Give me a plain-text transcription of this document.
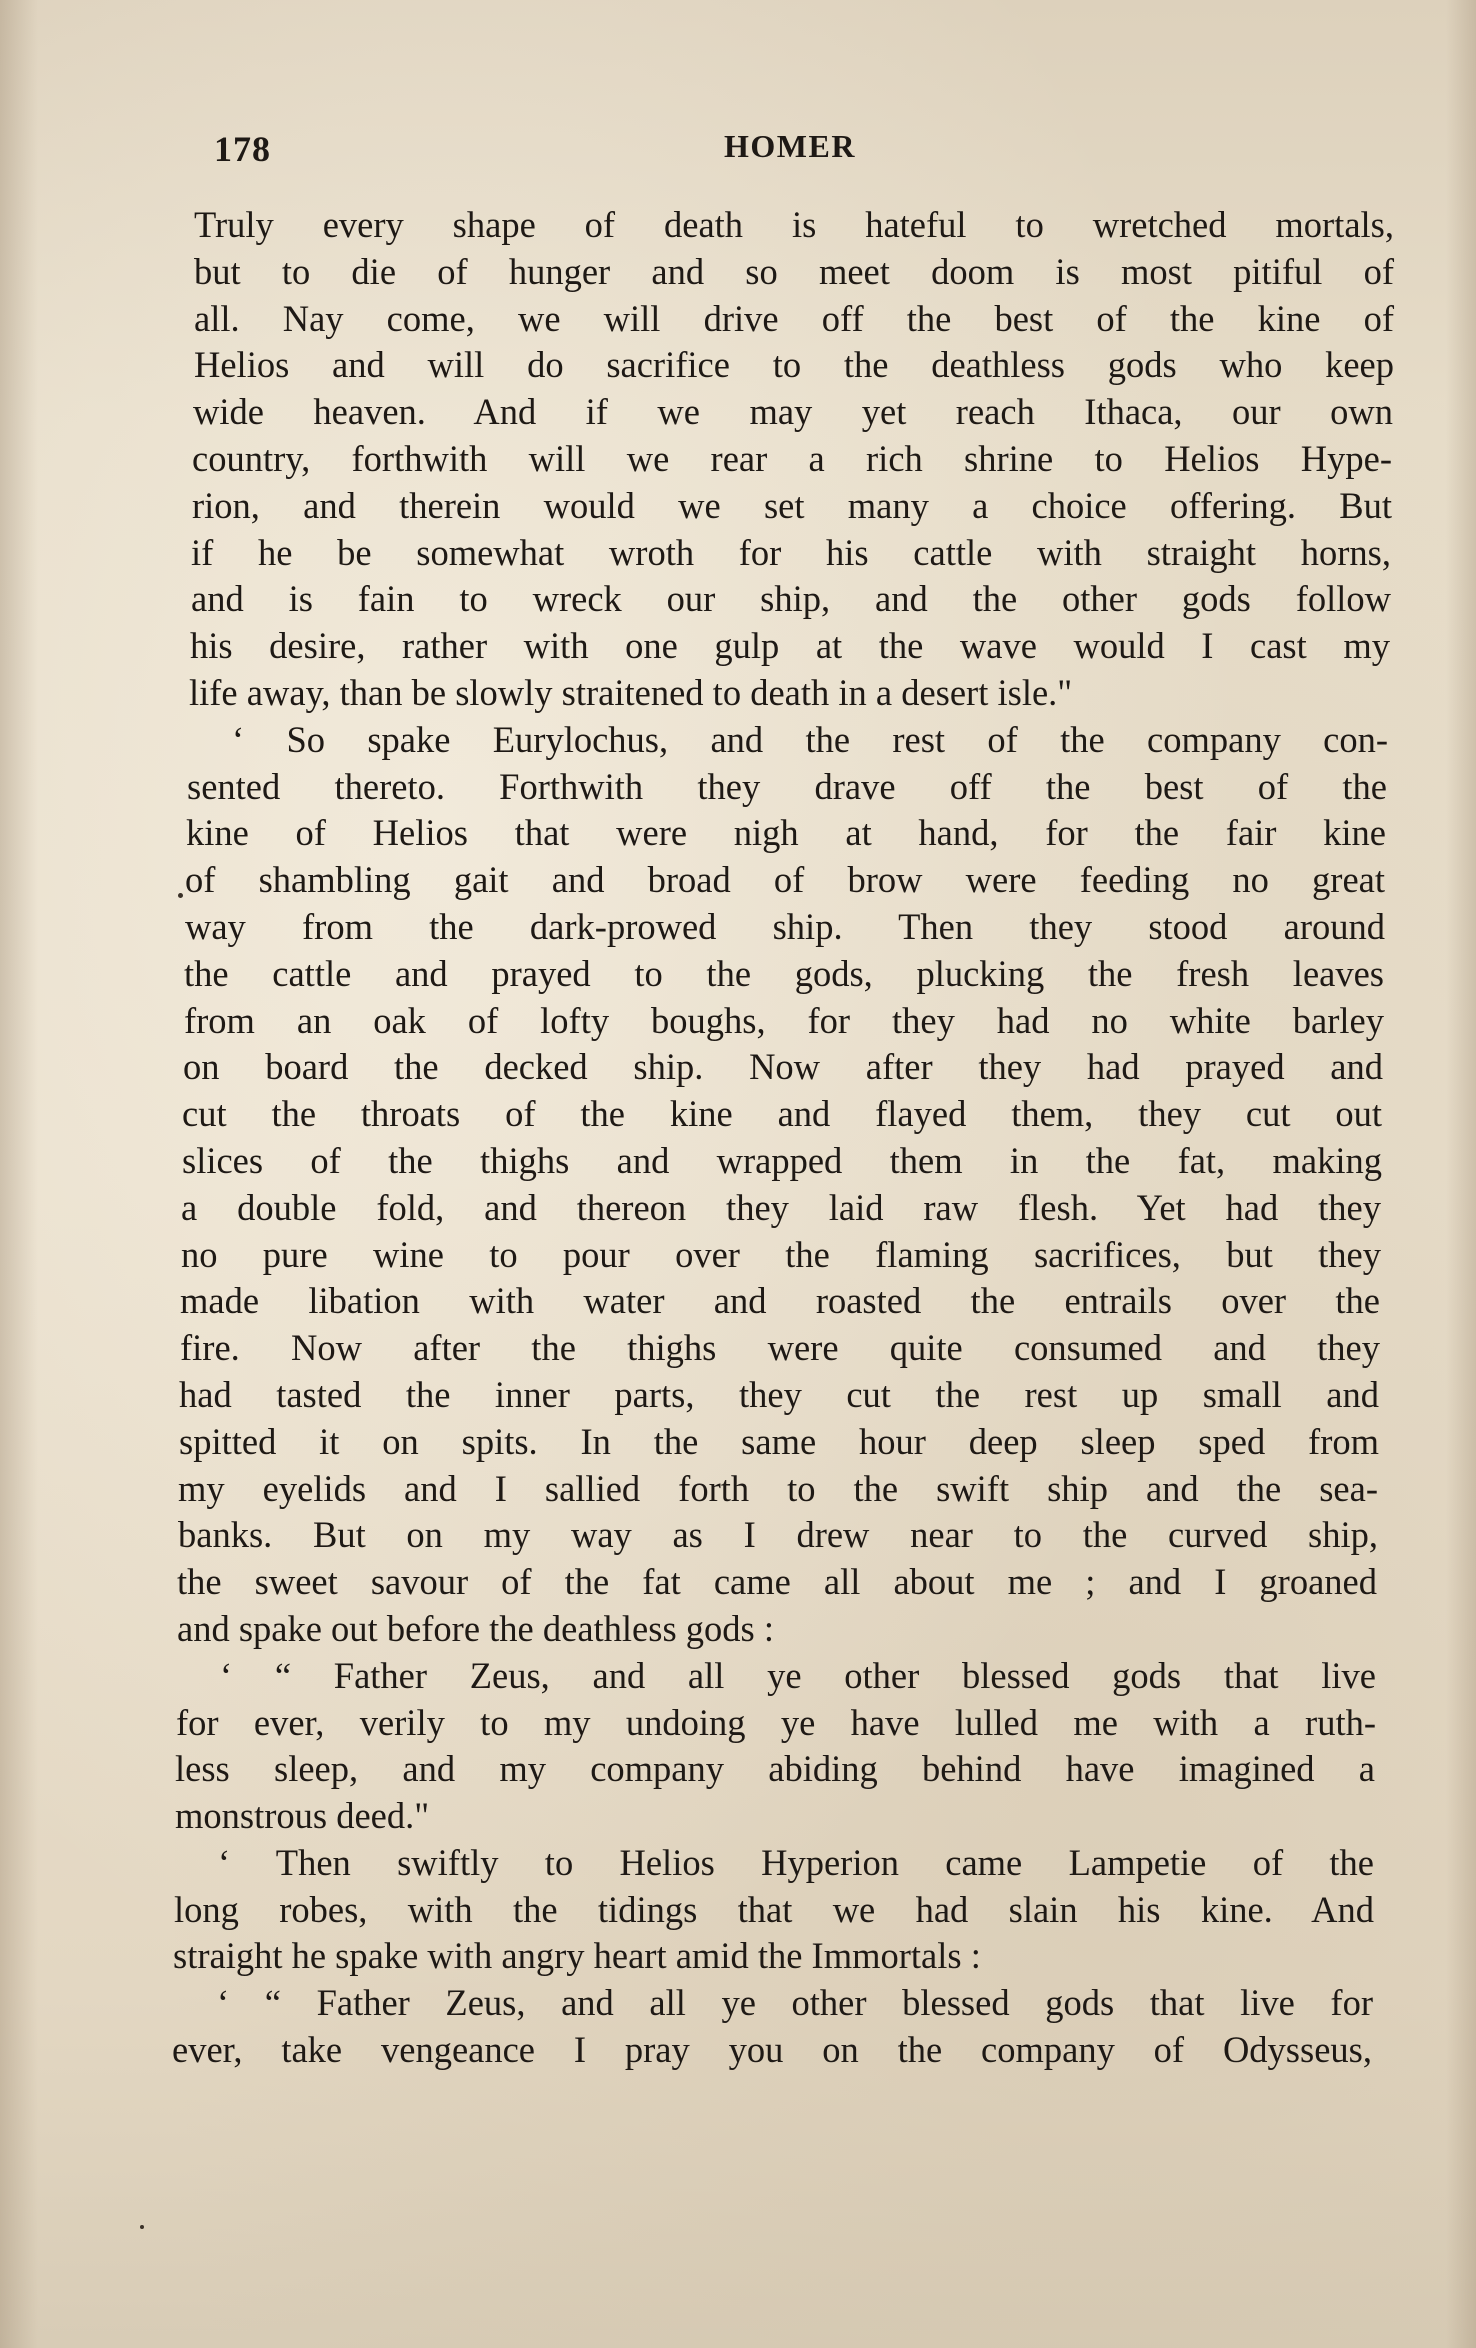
178	HOMER
Truly every shape of death is hateful to wretched mortals,
but to die of hunger and so meet doom is most pitiful of
all. Nay come, we will drive off the best of the kine of
Helios and will do sacrifice to the deathless gods who keep
wide heaven. And if we may yet reach Ithaca, our own
country, forthwith will we rear a rich shrine to Helios Hype-
rion, and therein would we set many a choice offering. But
if he be somewhat wroth for his cattle with straight horns,
and is fain to wreck our ship, and the other gods follow
his desire, rather with one gulp at the wave would I cast my
life away, than be slowly straitened to death in a desert isle."
‘ So spake Eurylochus, and the rest of the company con-
sented thereto. Forthwith they drave off the best of the
kine of Helios that were nigh at hand, for the fair kine
of shambling gait and broad of brow were feeding no great
way from the dark-prowed ship. Then they stood around
the cattle and prayed to the gods, plucking the fresh leaves
from an oak of lofty boughs, for they had no white barley
on board the decked ship. Now after they had prayed and
cut the throats of the kine and flayed them, they cut out
slices of the thighs and wrapped them in the fat, making
a double fold, and thereon they laid raw flesh. Yet had they
no pure wine to pour over the flaming sacrifices, but they
made libation with water and roasted the entrails over the
fire. Now after the thighs were quite consumed and they
had tasted the inner parts, they cut the rest up small and
spitted it on spits. In the same hour deep sleep sped from
my eyelids and I sallied forth to the swift ship and the sea-
banks. But on my way as I drew near to the curved ship,
the sweet savour of the fat came all about me ; and I groaned
and spake out before the deathless gods :
‘ “ Father Zeus, and all ye other blessed gods that live
for ever, verily to my undoing ye have lulled me with a ruth-
less sleep, and my company abiding behind have imagined a
monstrous deed."
‘ Then swiftly to Helios Hyperion came Lampetie of the
long robes, with the tidings that we had slain his kine. And
straight he spake with angry heart amid the Immortals :
‘ “ Father Zeus, and all ye other blessed gods that live for
ever, take vengeance I pray you on the company of Odysseus,
